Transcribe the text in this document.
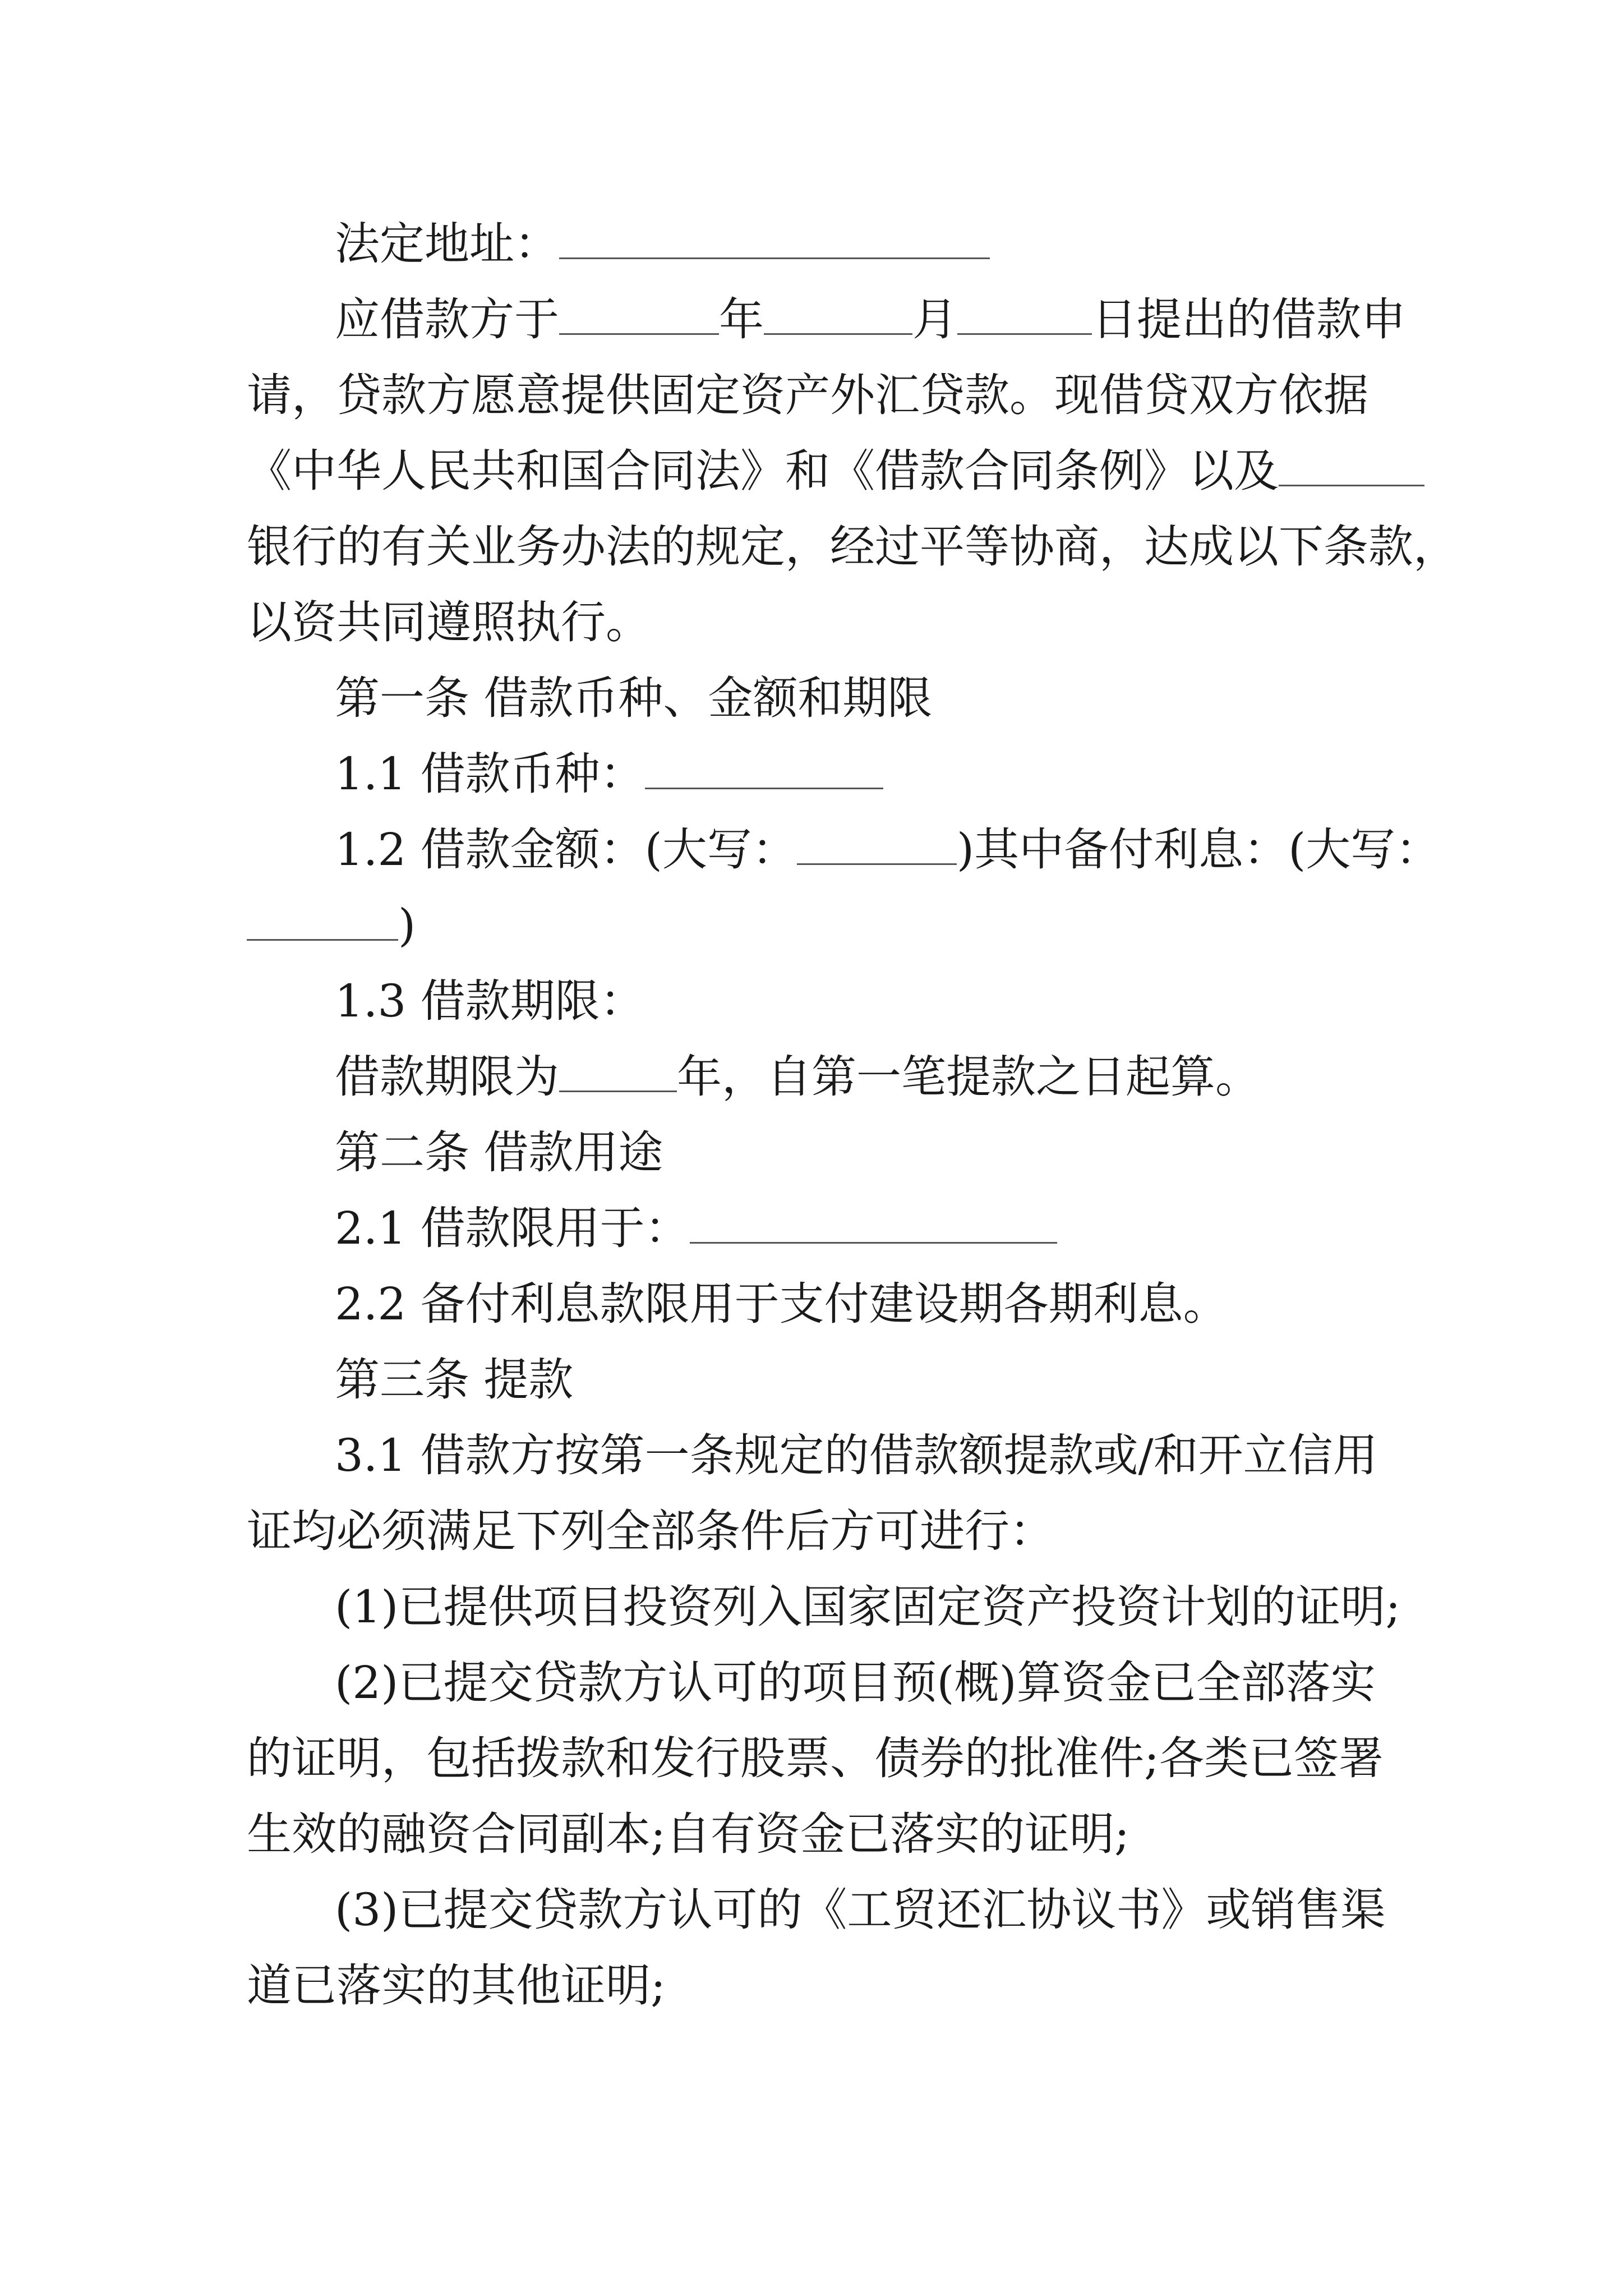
法定地址：

应借款方于	年	月	日提出的借款申

请，贷款方愿意提供固定资产外汇贷款。现借贷双方依据

《中华人民共和国合同法》和《借款合同条例》以及

银行的有关业务办法的规定，经过平等协商，达成以下条款，

以资共同遵照执行。

第一条 借款币种、金额和期限

1.1 借款币种：

1.2 借款金额：(大写：	)其中备付利息：(大写：

)

1.3 借款期限：

借款期限为	年，自第一笔提款之日起算。

第二条 借款用途

2.1 借款限用于：

2.2 备付利息款限用于支付建设期各期利息。

第三条 提款

3.1 借款方按第一条规定的借款额提款或/和开立信用

证均必须满足下列全部条件后方可进行：

(1)已提供项目投资列入国家固定资产投资计划的证明;

(2)已提交贷款方认可的项目预(概)算资金已全部落实

的证明，包括拨款和发行股票、债券的批准件;各类已签署

生效的融资合同副本;自有资金已落实的证明;

(3)已提交贷款方认可的《工贸还汇协议书》或销售渠

道已落实的其他证明;
